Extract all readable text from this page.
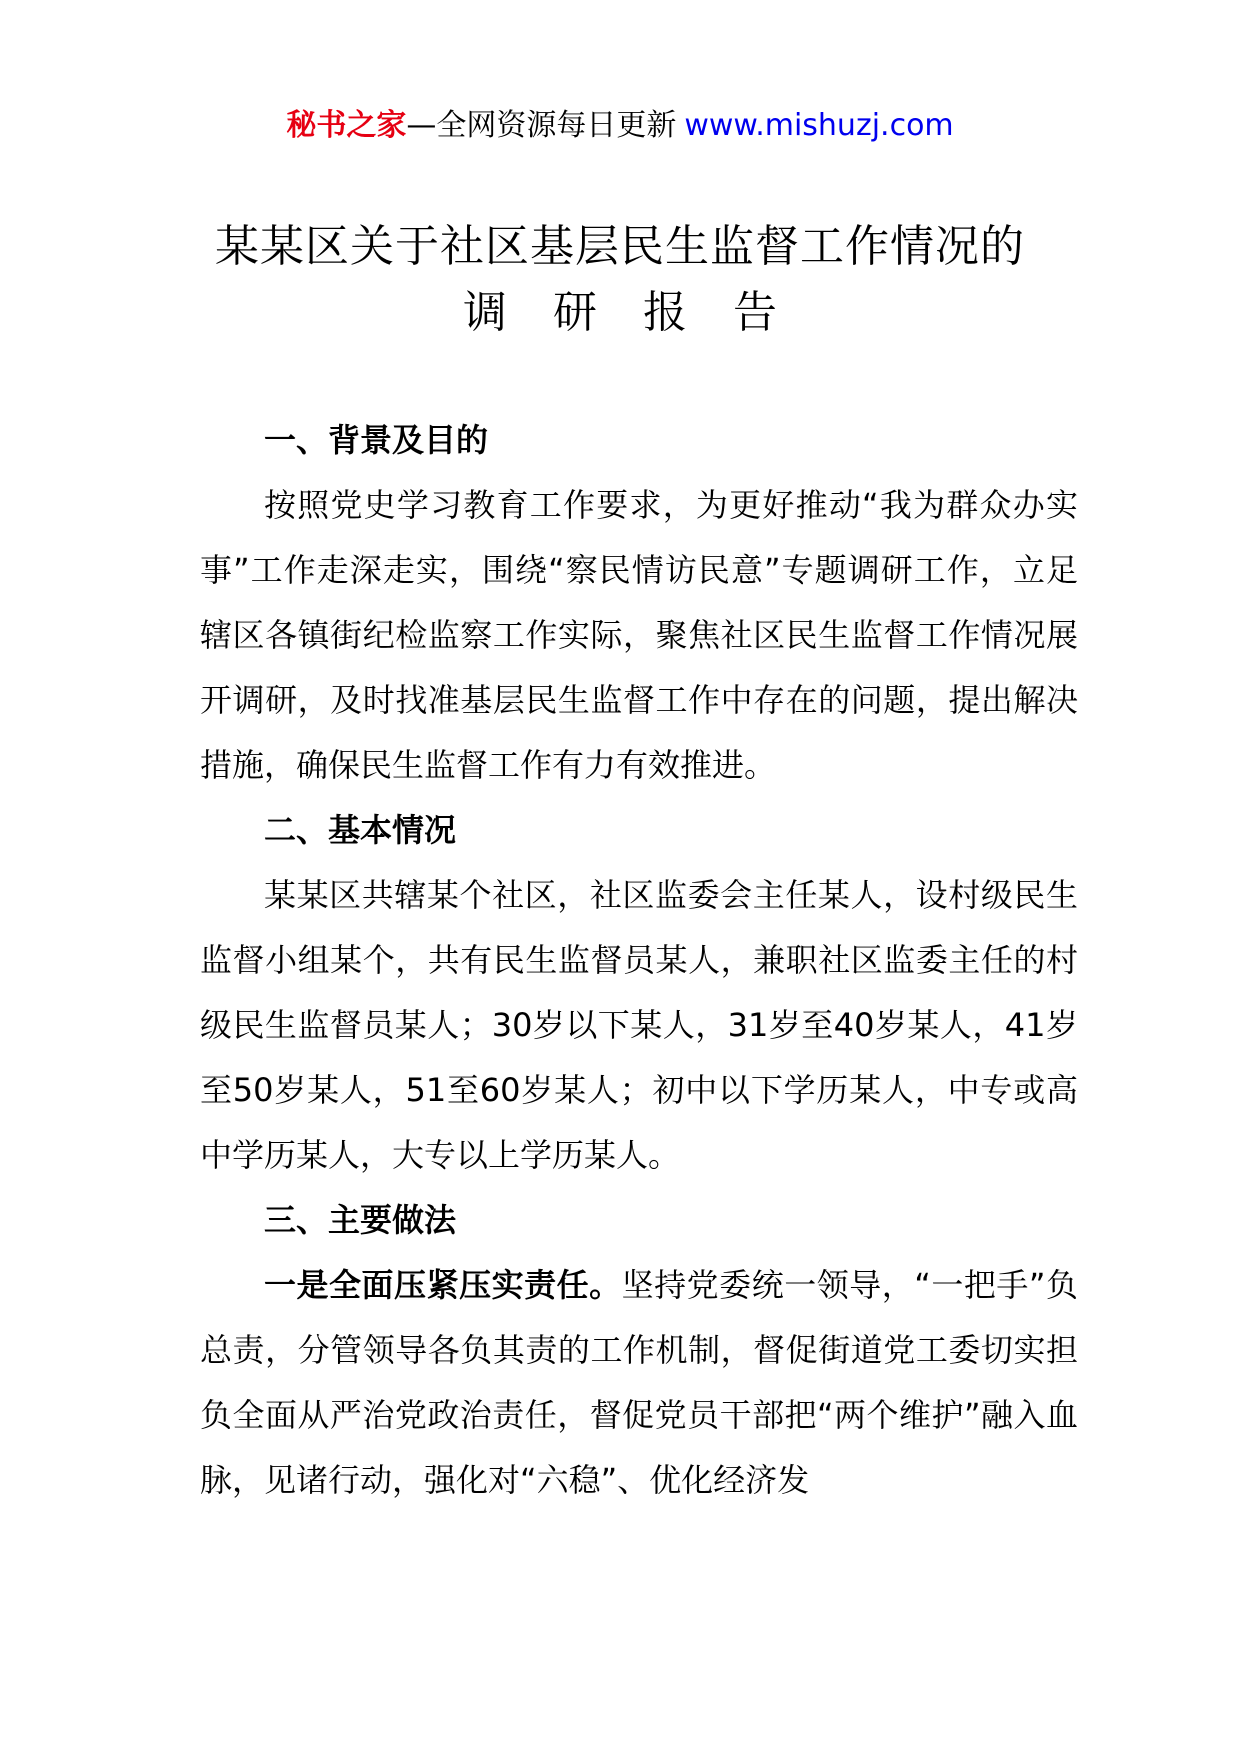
秘书之家—全网资源每日更新 www.mishuzj.com
某某区关于社区基层民生监督工作情况的
调研报告

一、背景及目的

按照党史学习教育工作要求，为更好推动“我为群众办实事”工作走深走实，围绕“察民情访民意”专题调研工作，立足辖区各镇街纪检监察工作实际，聚焦社区民生监督工作情况展开调研，及时找准基层民生监督工作中存在的问题，提出解决措施，确保民生监督工作有力有效推进。

二、基本情况

某某区共辖某个社区，社区监委会主任某人，设村级民生监督小组某个，共有民生监督员某人，兼职社区监委主任的村级民生监督员某人；30岁以下某人，31岁至40岁某人，41岁至50岁某人，51至60岁某人；初中以下学历某人，中专或高中学历某人，大专以上学历某人。

三、主要做法

一是全面压紧压实责任。坚持党委统一领导，“一把手”负总责，分管领导各负其责的工作机制，督促街道党工委切实担负全面从严治党政治责任，督促党员干部把“两个维护”融入血脉，见诸行动，强化对“六稳”、优化经济发
